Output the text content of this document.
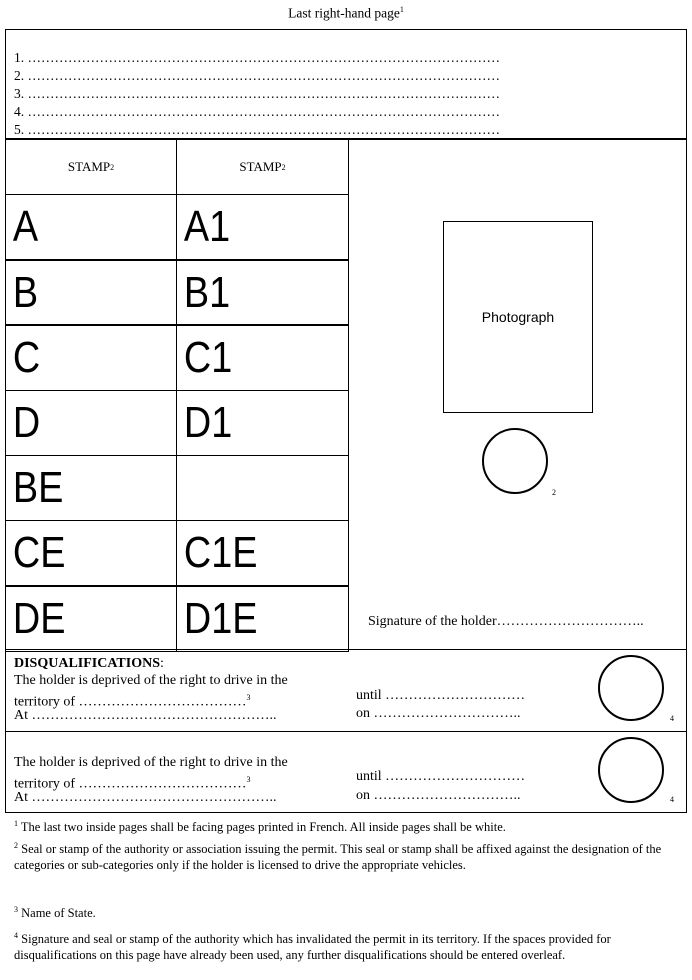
Last right-hand page$^1$
1. ……………………………………………………………………………………………
2. ……………………………………………………………………………………………
3. ……………………………………………………………………………………………
4. ……………………………………………………………………………………………
5. ……………………………………………………………………………………………
STAMP 2	STAMP 2
A	A1
B	B1
C	C1
D	D1
BE
CE	C1E
DE	D1E
Photograph
2
Signature of the holder…………………………..
DISQUALIFICATIONS:
The holder is deprived of the right to drive in the
territory of ………………………………$^3$
At ……………………………………………..
until …………………………
on …………………………..	4
The holder is deprived of the right to drive in the
territory of ………………………………$^3$
At ……………………………………………..
until …………………………
on …………………………..	4
$^1$ The last two inside pages shall be facing pages printed in French. All inside pages shall be white.
$^2$ Seal or stamp of the authority or association issuing the permit. This seal or stamp shall be affixed against the designation of the categories or sub-categories only if the holder is licensed to drive the appropriate vehicles.
$^3$ Name of State.
$^4$ Signature and seal or stamp of the authority which has invalidated the permit in its territory. If the spaces provided for disqualifications on this page have already been used, any further disqualifications should be entered overleaf.
